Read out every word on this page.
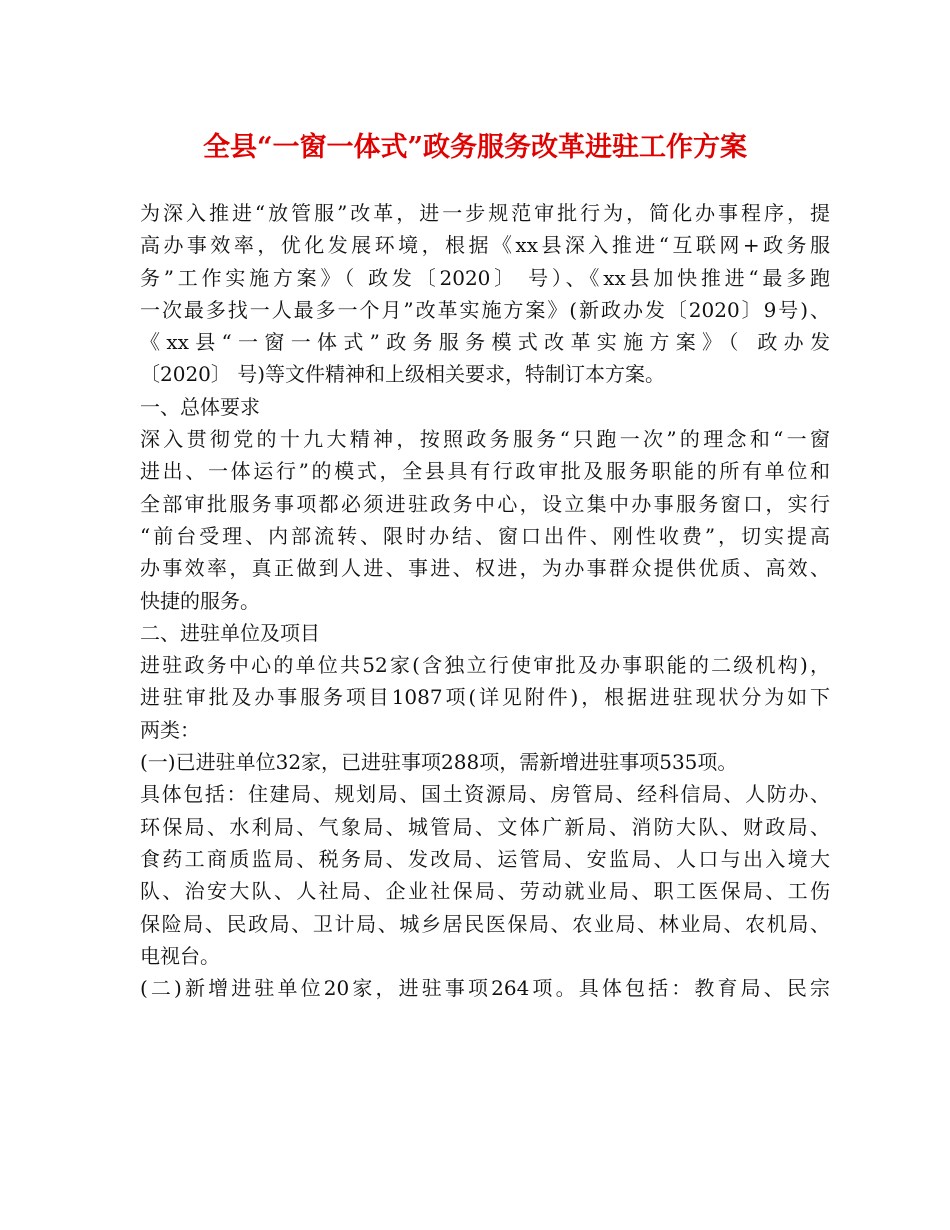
全县“一窗一体式”政务服务改革进驻工作方案
为深入推进“放管服”改革，进一步规范审批行为，简化办事程序，提
高办事效率，优化发展环境，根据《xx县深入推进“互联网+政务服
务”工作实施方案》（ 政发〔2020〕 号）、《xx县加快推进“最多跑
一次最多找一人最多一个月”改革实施方案》(新政办发〔2020〕9号)、
《xx县“一窗一体式”政务服务模式改革实施方案》（ 政办发
〔2020〕 号)等文件精神和上级相关要求，特制订本方案。
一、总体要求
深入贯彻党的十九大精神，按照政务服务“只跑一次”的理念和“一窗
进出、一体运行”的模式，全县具有行政审批及服务职能的所有单位和
全部审批服务事项都必须进驻政务中心，设立集中办事服务窗口，实行
“前台受理、内部流转、限时办结、窗口出件、刚性收费”，切实提高
办事效率，真正做到人进、事进、权进，为办事群众提供优质、高效、
快捷的服务。
二、进驻单位及项目
进驻政务中心的单位共52家(含独立行使审批及办事职能的二级机构)，
进驻审批及办事服务项目1087项(详见附件)，根据进驻现状分为如下
两类：
(一)已进驻单位32家，已进驻事项288项，需新增进驻事项535项。
具体包括：住建局、规划局、国土资源局、房管局、经科信局、人防办、
环保局、水利局、气象局、城管局、文体广新局、消防大队、财政局、
食药工商质监局、税务局、发改局、运管局、安监局、人口与出入境大
队、治安大队、人社局、企业社保局、劳动就业局、职工医保局、工伤
保险局、民政局、卫计局、城乡居民医保局、农业局、林业局、农机局、
电视台。
(二)新增进驻单位20家，进驻事项264项。具体包括：教育局、民宗
